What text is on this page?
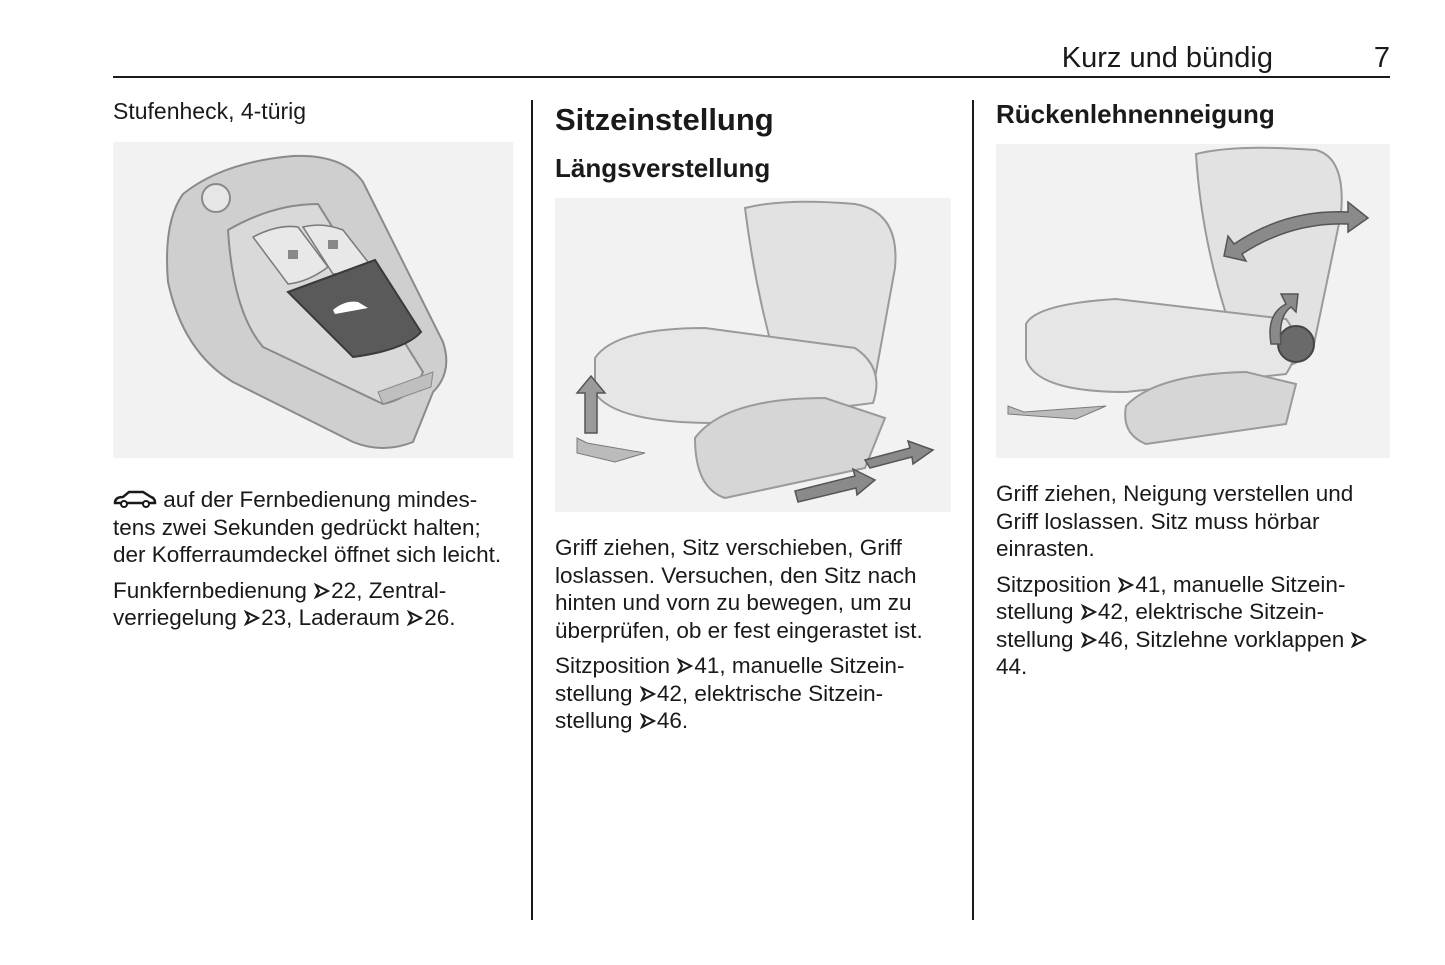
Kurz und bündig	7

Stufenheck, 4-türig

auf der Fernbedienung mindes-tens zwei Sekunden gedrückt halten; der Kofferraumdeckel öffnet sich leicht.

Funkfernbedienung 22, Zentral-verriegelung 23, Laderaum 26.

Sitzeinstellung
Längsverstellung

Griff ziehen, Sitz verschieben, Griff loslassen. Versuchen, den Sitz nach hinten und vorn zu bewegen, um zu überprüfen, ob er fest eingerastet ist.

Sitzposition 41, manuelle Sitzein-stellung 42, elektrische Sitzein-stellung 46.

Rückenlehnenneigung

Griff ziehen, Neigung verstellen und Griff loslassen. Sitz muss hörbar einrasten.

Sitzposition 41, manuelle Sitzein-stellung 42, elektrische Sitzein-stellung 46, Sitzlehne vorklappen 44.
